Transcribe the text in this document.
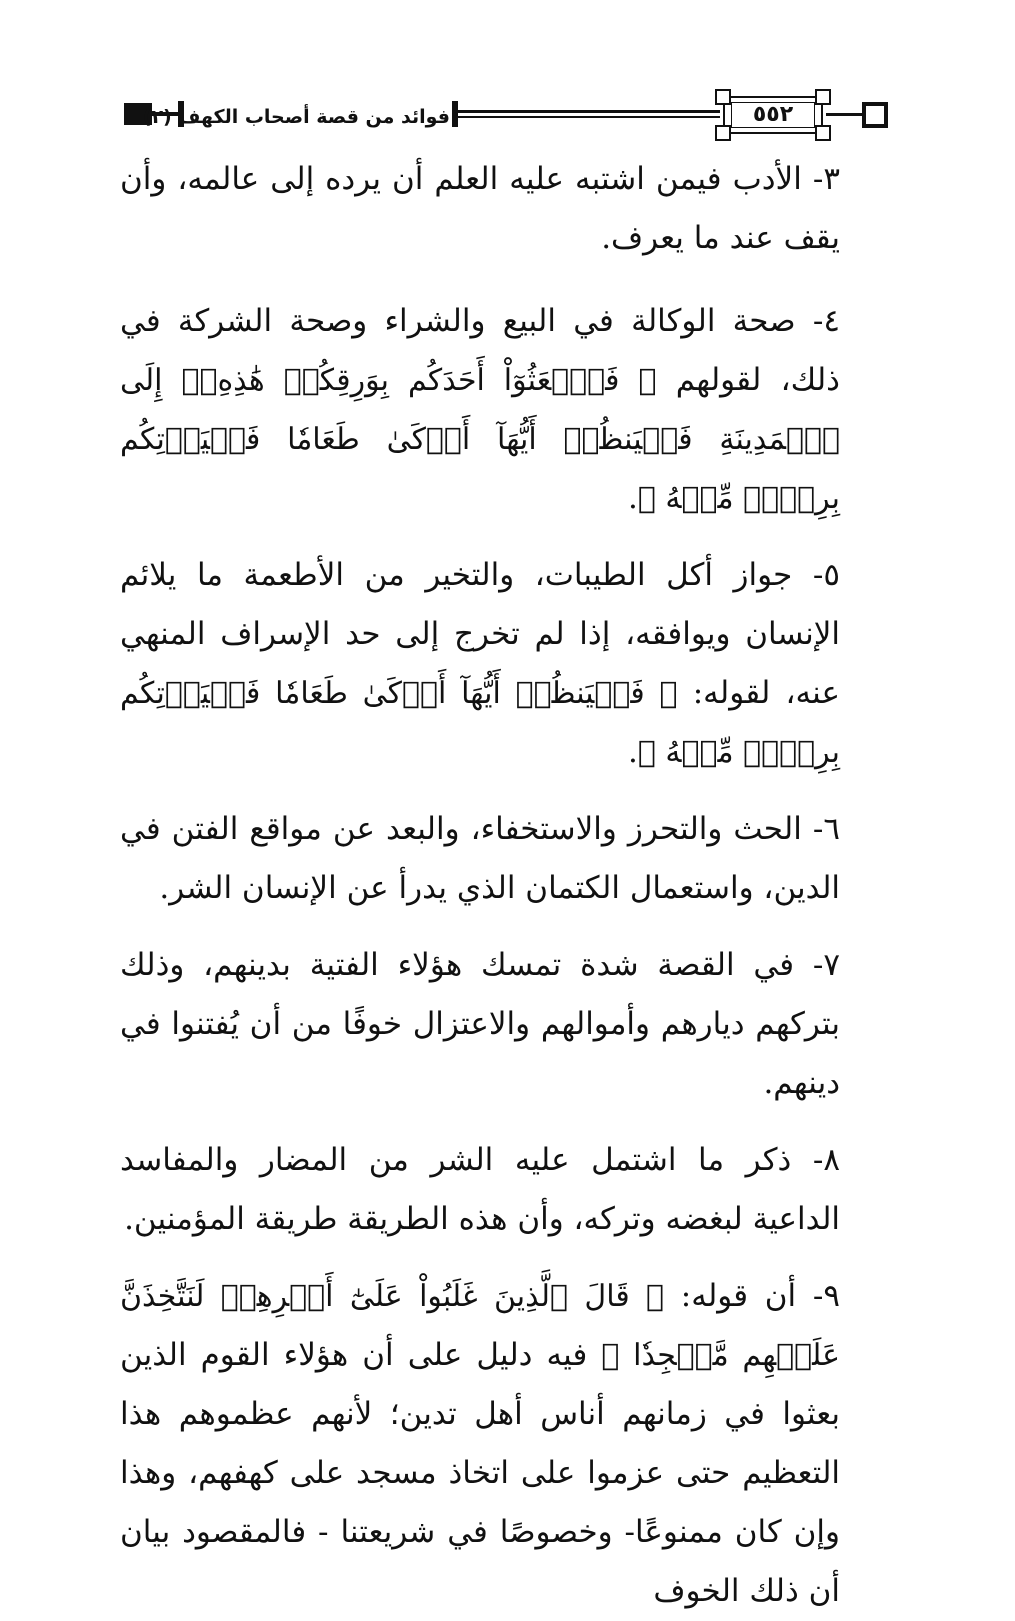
فوائد من قصة أصحاب الكهف (٢)	٥٥٢

٣- الأدب فيمن اشتبه عليه العلم أن يرده إلى عالمه، وأن يقف عند ما يعرف.

٤- صحة الوكالة في البيع والشراء وصحة الشركة في ذلك، لقولهم ﴿ فَٱبۡعَثُوٓاْ أَحَدَكُم بِوَرِقِكُمۡ هَٰذِهِۦٓ إِلَى ٱلۡمَدِينَةِ فَلۡيَنظُرۡ أَيُّهَآ أَزۡكَىٰ طَعَامٗا فَلۡيَأۡتِكُم بِرِزۡقٖ مِّنۡهُ ﴾.

٥- جواز أكل الطيبات، والتخير من الأطعمة ما يلائم الإنسان ويوافقه، إذا لم تخرج إلى حد الإسراف المنهي عنه، لقوله: ﴿ فَلۡيَنظُرۡ أَيُّهَآ أَزۡكَىٰ طَعَامٗا فَلۡيَأۡتِكُم بِرِزۡقٖ مِّنۡهُ ﴾.

٦- الحث والتحرز والاستخفاء، والبعد عن مواقع الفتن في الدين، واستعمال الكتمان الذي يدرأ عن الإنسان الشر.

٧- في القصة شدة تمسك هؤلاء الفتية بدينهم، وذلك بتركهم ديارهم وأموالهم والاعتزال خوفًا من أن يُفتنوا في دينهم.

٨- ذكر ما اشتمل عليه الشر من المضار والمفاسد الداعية لبغضه وتركه، وأن هذه الطريقة طريقة المؤمنين.

٩- أن قوله: ﴿ قَالَ ٱلَّذِينَ غَلَبُواْ عَلَىٰٓ أَمۡرِهِمۡ لَنَتَّخِذَنَّ عَلَيۡهِم مَّسۡجِدٗا ﴾ فيه دليل على أن هؤلاء القوم الذين بعثوا في زمانهم أناس أهل تدين؛ لأنهم عظموهم هذا التعظيم حتى عزموا على اتخاذ مسجد على كهفهم، وهذا وإن كان ممنوعًا- وخصوصًا في شريعتنا - فالمقصود بيان أن ذلك الخوف
